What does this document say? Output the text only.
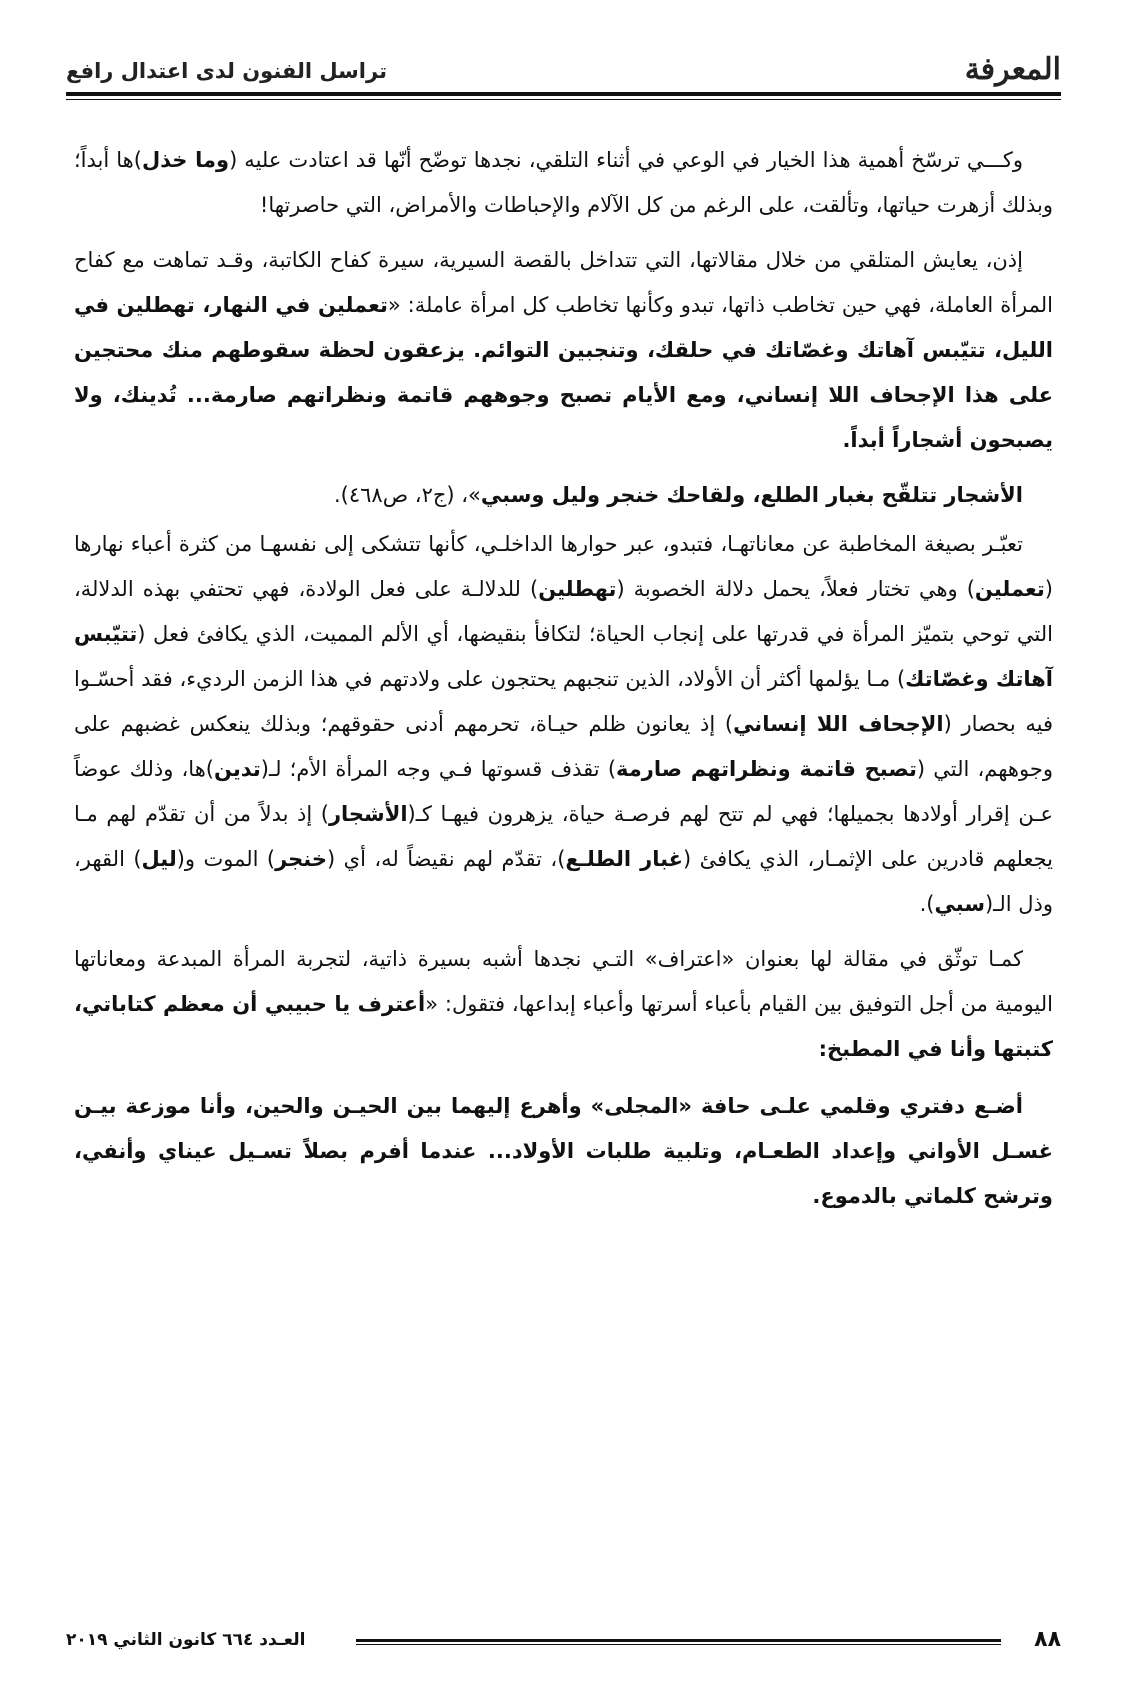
المعرفة
تراسل الفنون لدى اعتدال رافع

وكـــي ترسّخ أهمية هذا الخيار في الوعي في أثناء التلقي، نجدها توضّح أنّها قد اعتادت عليه (وما خذل)ها أبداً؛ وبذلك أزهرت حياتها، وتألقت، على الرغم من كل الآلام والإحباطات والأمراض، التي حاصرتها!

إذن، يعايش المتلقي من خلال مقالاتها، التي تتداخل بالقصة السيرية، سيرة كفاح الكاتبة، وقـد تماهت مع كفاح المرأة العاملة، فهي حين تخاطب ذاتها، تبدو وكأنها تخاطب كل امرأة عاملة: «تعملين في النهار، تهطلين في الليل، تتيّبس آهاتك وغصّاتك في حلقك، وتنجبين التوائم. يزعقون لحظة سقوطهم منك محتجين على هذا الإجحاف اللا إنساني، ومع الأيام تصبح وجوههم قاتمة ونظراتهم صارمة... تُدينك، ولا يصبحون أشجاراً أبداً.

الأشجار تتلقّح بغبار الطلع، ولقاحك خنجر وليل وسبي»، (ج٢، ص٤٦٨).

تعبّـر بصيغة المخاطبة عن معاناتهـا، فتبدو، عبر حوارها الداخلـي، كأنها تتشكى إلى نفسهـا من كثرة أعباء نهارها (تعملين) وهي تختار فعلاً، يحمل دلالة الخصوبة (تهطلين) للدلالـة على فعل الولادة، فهي تحتفي بهذه الدلالة، التي توحي بتميّز المرأة في قدرتها على إنجاب الحياة؛ لتكافأ بنقيضها، أي الألم المميت، الذي يكافئ فعل (تتيّبس آهاتك وغصّاتك) مـا يؤلمها أكثر أن الأولاد، الذين تنجبهم يحتجون على ولادتهم في هذا الزمن الرديء، فقد أحسّـوا فيه بحصار (الإجحاف اللا إنساني) إذ يعانون ظلم حيـاة، تحرمهم أدنى حقوقهم؛ وبذلك ينعكس غضبهم على وجوههم، التي (تصبح قاتمة ونظراتهم صارمة) تقذف قسوتها فـي وجه المرأة الأم؛ لـ(تدين)ها، وذلك عوضاً عـن إقرار أولادها بجميلها؛ فهي لم تتح لهم فرصـة حياة، يزهرون فيهـا كـ(الأشجار) إذ بدلاً من أن تقدّم لهم مـا يجعلهم قادرين على الإثمـار، الذي يكافئ (غبار الطلـع)، تقدّم لهم نقيضاً له، أي (خنجر) الموت و(ليل) القهر، وذل الـ(سبي).

كمـا توثّق في مقالة لها بعنوان «اعتراف» التـي نجدها أشبه بسيرة ذاتية، لتجربة المرأة المبدعة ومعاناتها اليومية من أجل التوفيق بين القيام بأعباء أسرتها وأعباء إبداعها، فتقول: «أعترف يا حبيبي أن معظم كتاباتي، كتبتها وأنا في المطبخ:

أضـع دفتري وقلمي علـى حافة «المجلى» وأهرع إليهما بين الحيـن والحين، وأنا موزعة بيـن غسـل الأواني وإعداد الطعـام، وتلبية طلبات الأولاد... عندما أفرم بصلاً تسـيل عيناي وأنفي، وترشح كلماتي بالدموع.

٨٨
العـدد ٦٦٤ كانون الثاني ٢٠١٩
